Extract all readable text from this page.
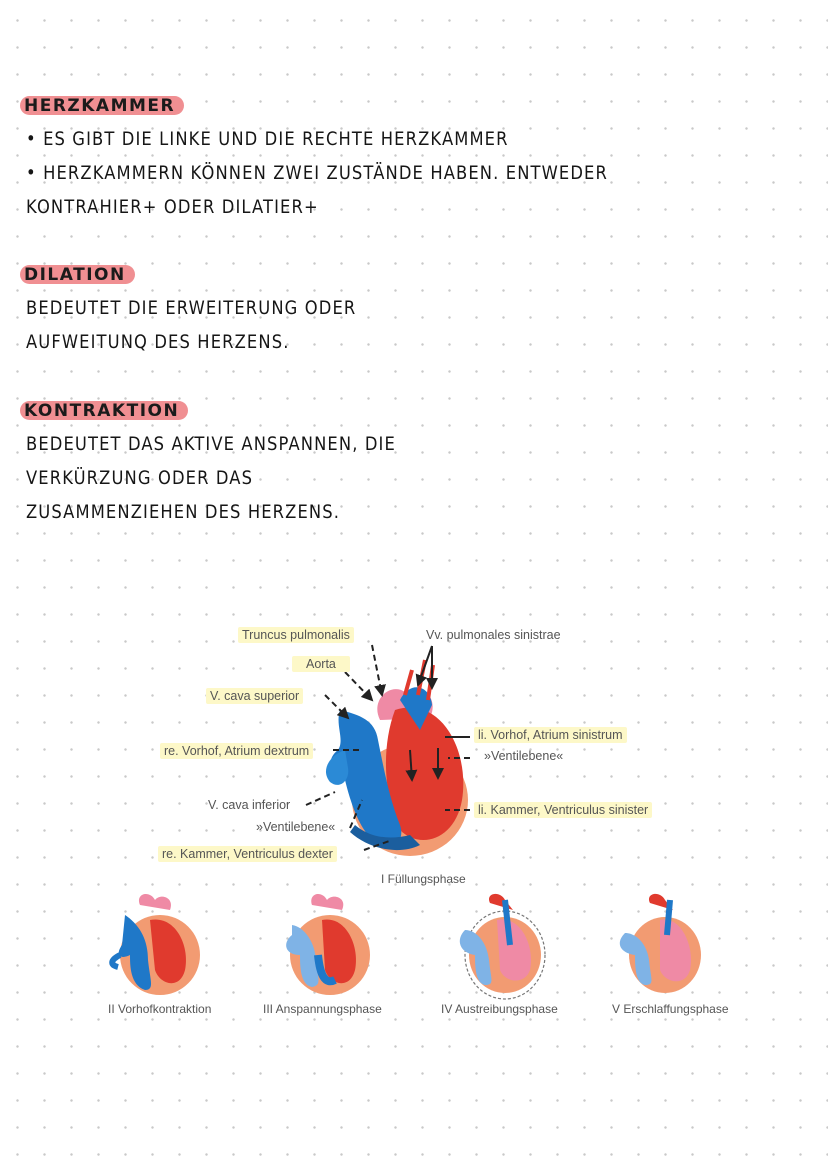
HERZKAMMER
• ES GIBT DIE LINKE UND DIE RECHTE HERZKAMMER
• HERZKAMMERN KÖNNEN ZWEI ZUSTÄNDE HABEN. ENTWEDER
KONTRAHIER+ ODER DILATIER+
DILATION
BEDEUTET DIE ERWEITERUNG ODER
AUFWEITUNQ DES HERZENS.
KONTRAKTION
BEDEUTET DAS AKTIVE ANSPANNEN, DIE
VERKÜRZUNG ODER DAS
ZUSAMMENZIEHEN DES HERZENS.
Truncus pulmonalis	Vv. pulmonales sinistrae
Aorta
V. cava superior
li. Vorhof, Atrium sinistrum
re. Vorhof, Atrium dextrum	»Ventilebene«
V. cava inferior	li. Kammer, Ventriculus sinister
»Ventilebene«
re. Kammer, Ventriculus dexter
I Füllungsphase
II Vorhofkontraktion	III Anspannungsphase	IV Austreibungsphase	V Erschlaffungsphase
